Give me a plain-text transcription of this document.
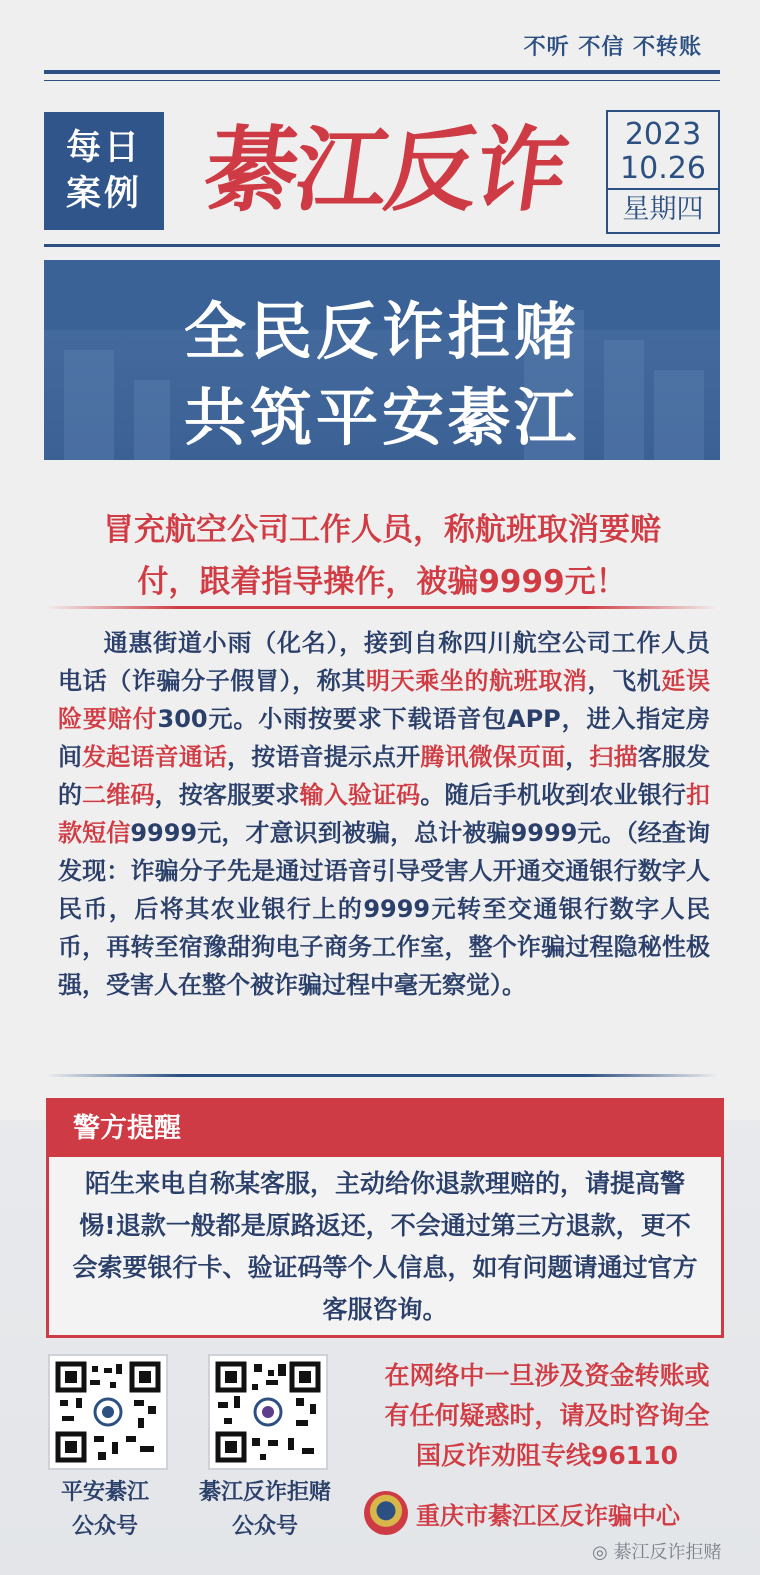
不听 不信 不转账
每日
案例 綦江反诈	2023
10.26
星期四
全民反诈拒赌
共筑平安綦江
冒充航空公司工作人员，称航班取消要赔
付，跟着指导操作，被骗9999元！
通惠街道小雨（化名），接到自称四川航空公司工作人员电话（诈骗分子假冒），称其明天乘坐的航班取消，飞机延误险要赔付300元。小雨按要求下载语音包APP，进入指定房间发起语音通话，按语音提示点开腾讯微保页面，扫描客服发的二维码，按客服要求输入验证码。随后手机收到农业银行扣款短信9999元，才意识到被骗，总计被骗9999元。（经查询发现：诈骗分子先是通过语音引导受害人开通交通银行数字人民币，后将其农业银行上的9999元转至交通银行数字人民币，再转至宿豫甜狗电子商务工作室，整个诈骗过程隐秘性极强，受害人在整个被诈骗过程中毫无察觉）。
警方提醒
陌生来电自称某客服，主动给你退款理赔的，请提高警惕!退款一般都是原路返还，不会通过第三方退款，更不会索要银行卡、验证码等个人信息，如有问题请通过官方客服咨询。
平安綦江
公众号
綦江反诈拒赌
公众号
在网络中一旦涉及资金转账或有任何疑惑时，请及时咨询全国反诈劝阻专线96110
重庆市綦江区反诈骗中心
◎ 綦江反诈拒赌
